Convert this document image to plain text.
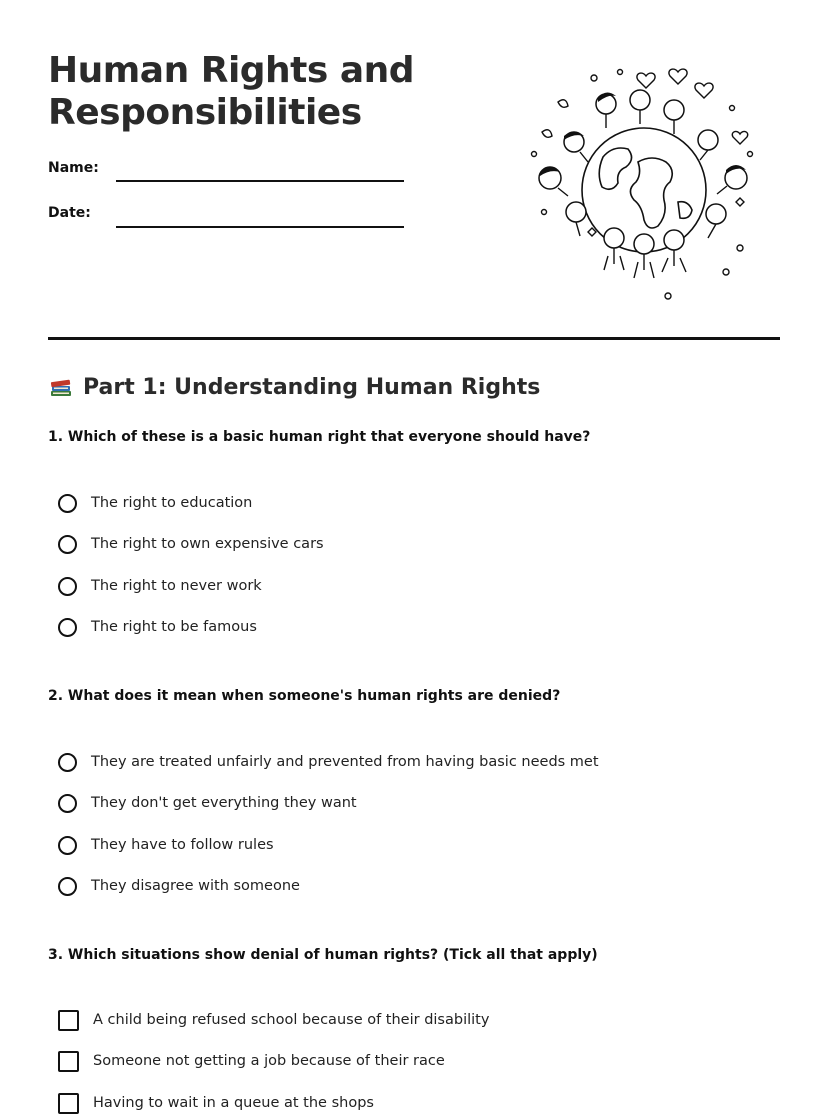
Human Rights and
Responsibilities
Name:
Date:
Part 1: Understanding Human Rights

1. Which of these is a basic human right that everyone should have?

The right to education
The right to own expensive cars
The right to never work
The right to be famous

2. What does it mean when someone's human rights are denied?

They are treated unfairly and prevented from having basic needs met
They don't get everything they want
They have to follow rules
They disagree with someone

3. Which situations show denial of human rights? (Tick all that apply)

A child being refused school because of their disability
Someone not getting a job because of their race
Having to wait in a queue at the shops
